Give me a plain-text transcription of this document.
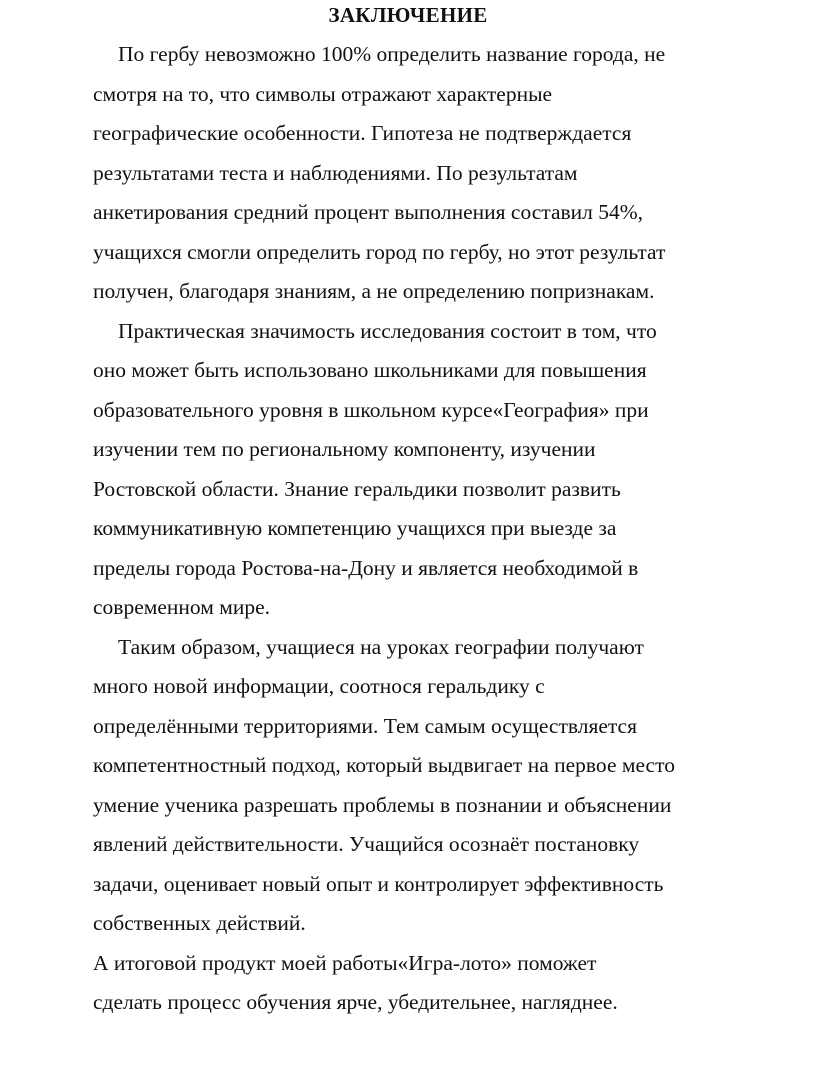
ЗАКЛЮЧЕНИЕ
По гербу невозможно 100% определить название города, не
смотря на то, что символы отражают характерные
географические особенности. Гипотеза не подтверждается
результатами теста и наблюдениями. По результатам
анкетирования средний процент выполнения составил 54%,
учащихся смогли определить город по гербу, но этот результат
получен, благодаря знаниям, а не определению попризнакам.
Практическая значимость исследования состоит в том, что
оно может быть использовано школьниками для повышения
образовательного уровня в школьном курсе«География» при
изучении тем по региональному компоненту, изучении
Ростовской области. Знание геральдики позволит развить
коммуникативную компетенцию учащихся при выезде за
пределы города Ростова-на-Дону и является необходимой в
современном мире.
Таким образом, учащиеся на уроках географии получают
много новой информации, соотнося геральдику с
определёнными территориями. Тем самым осуществляется
компетентностный подход, который выдвигает на первое место
умение ученика разрешать проблемы в познании и объяснении
явлений действительности. Учащийся осознаёт постановку
задачи, оценивает новый опыт и контролирует эффективность
собственных действий.
А итоговой продукт моей работы«Игра-лото» поможет
сделать процесс обучения ярче, убедительнее, нагляднее.
